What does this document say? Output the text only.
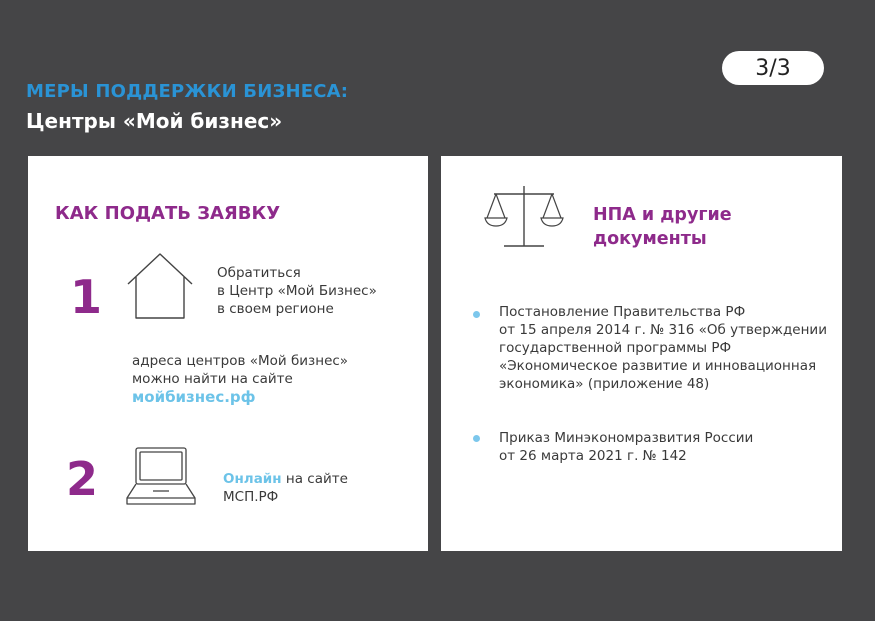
3/3
МЕРЫ ПОДДЕРЖКИ БИЗНЕСА:
Центры «Мой бизнес»
КАК ПОДАТЬ ЗАЯВКУ
1	Обратиться
в Центр «Мой Бизнес»
в своем регионе
адреса центров «Мой бизнес»
можно найти на сайте
мойбизнес.рф
2	Онлайн на сайте
МСП.РФ
НПА и другие
документы
Постановление Правительства РФ
от 15 апреля 2014 г. № 316 «Об утверждении
государственной программы РФ
«Экономическое развитие и инновационная
экономика» (приложение 48)
Приказ Минэкономразвития России
от 26 марта 2021 г. № 142
